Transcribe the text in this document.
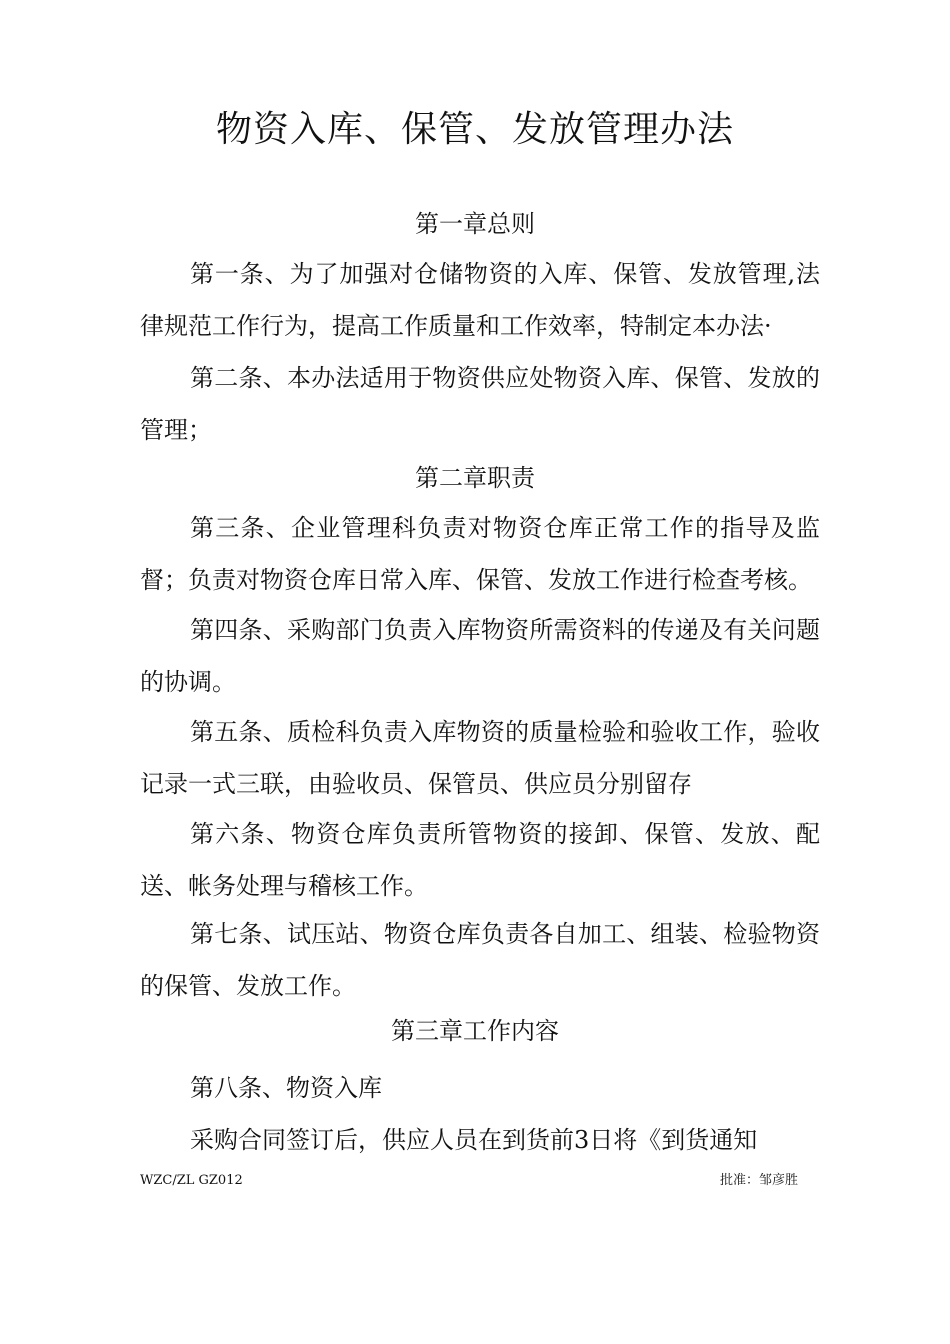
物资入库、保管、发放管理办法
第一章总则

第一条、为了加强对仓储物资的入库、保管、发放管理,法律规范工作行为，提高工作质量和工作效率，特制定本办法·

第二条、本办法适用于物资供应处物资入库、保管、发放的管理；

第二章职责

第三条、企业管理科负责对物资仓库正常工作的指导及监督；负责对物资仓库日常入库、保管、发放工作进行检查考核。

第四条、采购部门负责入库物资所需资料的传递及有关问题的协调。

第五条、质检科负责入库物资的质量检验和验收工作，验收记录一式三联，由验收员、保管员、供应员分别留存

第六条、物资仓库负责所管物资的接卸、保管、发放、配送、帐务处理与稽核工作。

第七条、试压站、物资仓库负责各自加工、组装、检验物资的保管、发放工作。

第三章工作内容

第八条、物资入库

采购合同签订后，供应人员在到货前3日将《到货通知

WZC/ZL GZ012	批准：邹彦胜
